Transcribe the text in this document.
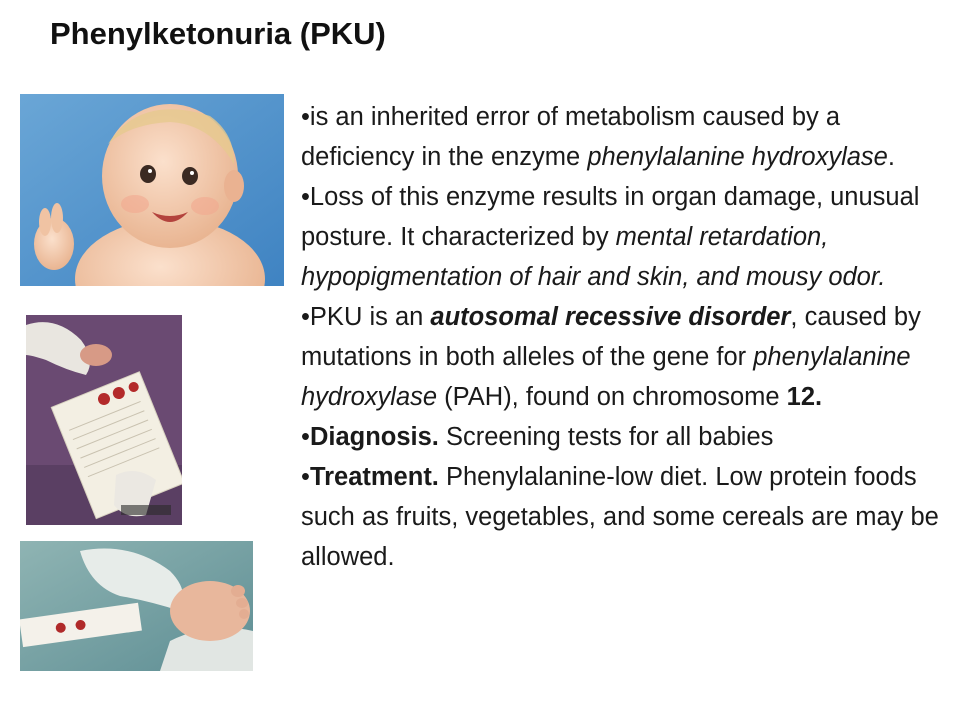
Phenylketonuria (PKU)
•is an inherited error of metabolism caused by a deficiency in the enzyme phenylalanine hydroxylase.
•Loss of this enzyme results in organ damage, unusual posture. It characterized by mental retardation, hypopigmentation of hair and skin, and mousy odor.
•PKU is an autosomal recessive disorder, caused by mutations in both alleles of the gene for phenylalanine hydroxylase (PAH), found on chromosome 12.
•Diagnosis. Screening tests for all babies
•Treatment. Phenylalanine-low diet. Low protein foods such as fruits, vegetables, and some cereals are may be allowed.
